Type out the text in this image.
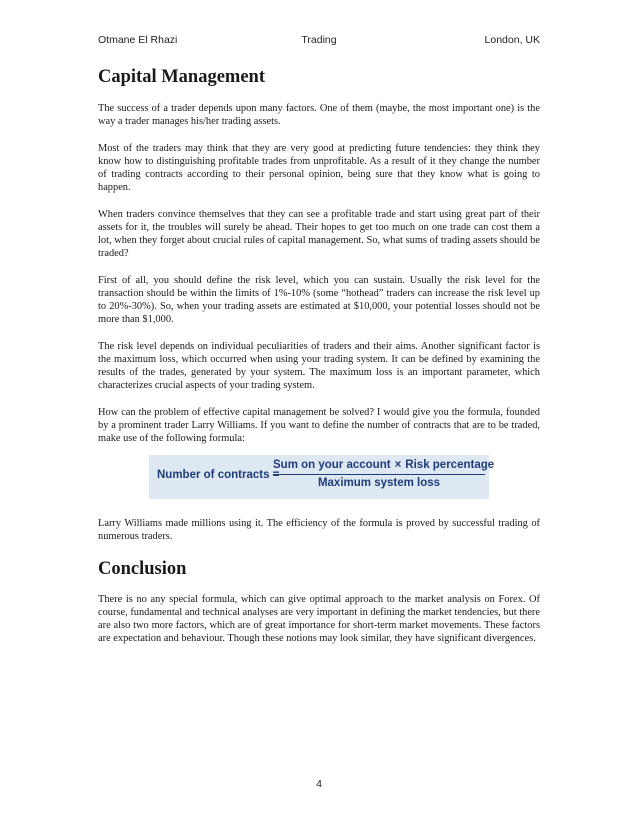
Otmane El Rhazi	Trading	London, UK
Capital Management

The success of a trader depends upon many factors. One of them (maybe, the most important one) is the way a trader manages his/her trading assets.

Most of the traders may think that they are very good at predicting future tendencies: they think they know how to distinguishing profitable trades from unprofitable. As a result of it they change the number of trading contracts according to their personal opinion, being sure that they know what is going to happen.

When traders convince themselves that they can see a profitable trade and start using great part of their assets for it, the troubles will surely be ahead. Their hopes to get too much on one trade can cost them a lot, when they forget about crucial rules of capital management. So, what sums of trading assets should be traded?

First of all, you should define the risk level, which you can sustain. Usually the risk level for the transaction should be within the limits of 1%-10% (some “hothead” traders can increase the risk level up to 20%-30%). So, when your trading assets are estimated at $10,000, your potential losses should not be more than $1,000.

The risk level depends on individual peculiarities of traders and their aims. Another significant factor is the maximum loss, which occurred when using your trading system. It can be defined by examining the results of the trades, generated by your system. The maximum loss is an important parameter, which characterizes crucial aspects of your trading system.

How can the problem of effective capital management be solved? I would give you the formula, founded by a prominent trader Larry Williams. If you want to define the number of contracts that are to be traded, make use of the following formula:

Number of contracts =
Sum on your account × Risk percentage
Maximum system loss

Larry Williams made millions using it. The efficiency of the formula is proved by successful trading of numerous traders.

Conclusion

There is no any special formula, which can give optimal approach to the market analysis on Forex. Of course, fundamental and technical analyses are very important in defining the market tendencies, but there are also two more factors, which are of great importance for short-term market movements. These factors are expectation and behaviour. Though these notions may look similar, they have significant divergences.

4
